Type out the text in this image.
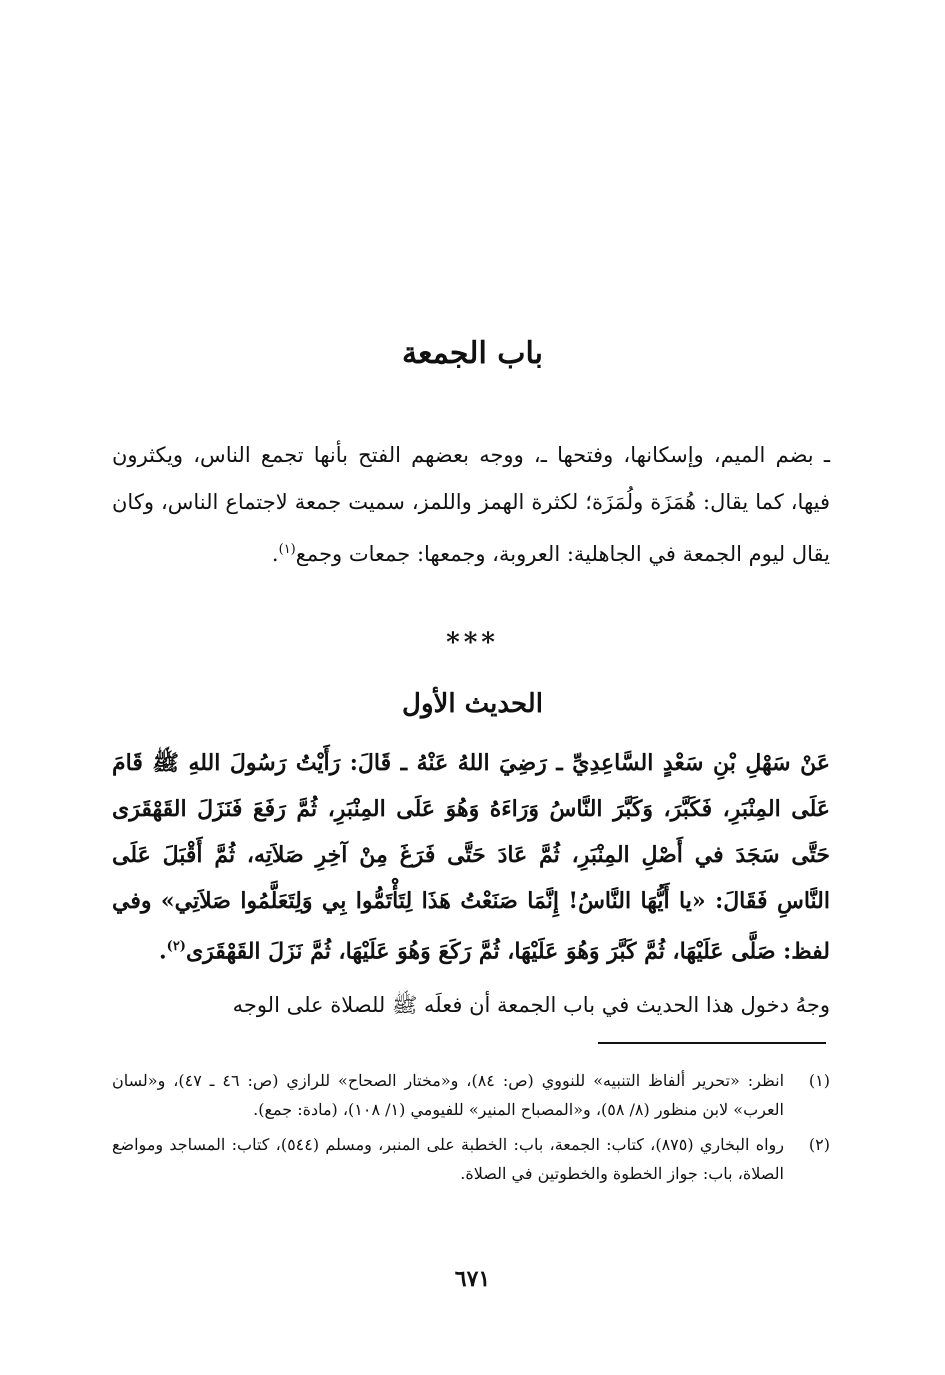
باب الجمعة
ـ بضم الميم، وإسكانها، وفتحها ـ، ووجه بعضهم الفتح بأنها تجمع الناس، ويكثرون فيها، كما يقال: هُمَزَة ولُمَزَة؛ لكثرة الهمز واللمز، سميت جمعة لاجتماع الناس، وكان يقال ليوم الجمعة في الجاهلية: العروبة، وجمعها: جمعات وجمع$^{(١)}$.
***
الحديث الأول
عَنْ سَهْلِ بْنِ سَعْدٍ السَّاعِدِيِّ ـ رَضِيَ اللهُ عَنْهُ ـ قَالَ: رَأَيْتُ رَسُولَ اللهِ ﷺ قَامَ عَلَى المِنْبَرِ، فَكَبَّرَ، وَكَبَّرَ النَّاسُ وَرَاءَهُ وَهُوَ عَلَى المِنْبَرِ، ثُمَّ رَفَعَ فَنَزَلَ القَهْقَرَى حَتَّى سَجَدَ في أَصْلِ المِنْبَرِ، ثُمَّ عَادَ حَتَّى فَرَغَ مِنْ آخِرِ صَلاَتِه، ثُمَّ أَقْبَلَ عَلَى النَّاسِ فَقَالَ: «يا أَيُّهَا النَّاسُ! إِنَّمَا صَنَعْتُ هَذَا لِتَأْتَمُّوا بِي وَلِتَعَلَّمُوا صَلاَتِي» وفي لفظ: صَلَّى عَلَيْهَا، ثُمَّ كَبَّرَ وَهُوَ عَلَيْهَا، ثُمَّ رَكَعَ وَهُوَ عَلَيْهَا، ثُمَّ نَزَلَ القَهْقَرَى$^{(٢)}$.
وجهُ دخول هذا الحديث في باب الجمعة أن فعلَه ﷺ للصلاة على الوجه
(١)
انظر: «تحرير ألفاظ التنبيه» للنووي (ص: ٨٤)، و«مختار الصحاح» للرازي (ص: ٤٦ ـ ٤٧)، و«لسان العرب» لابن منظور (٨/ ٥٨)، و«المصباح المنير» للفيومي (١/ ١٠٨)، (مادة: جمع).
(٢)
رواه البخاري (٨٧٥)، كتاب: الجمعة، باب: الخطبة على المنبر، ومسلم (٥٤٤)، كتاب: المساجد ومواضع الصلاة، باب: جواز الخطوة والخطوتين في الصلاة.
٦٧١
